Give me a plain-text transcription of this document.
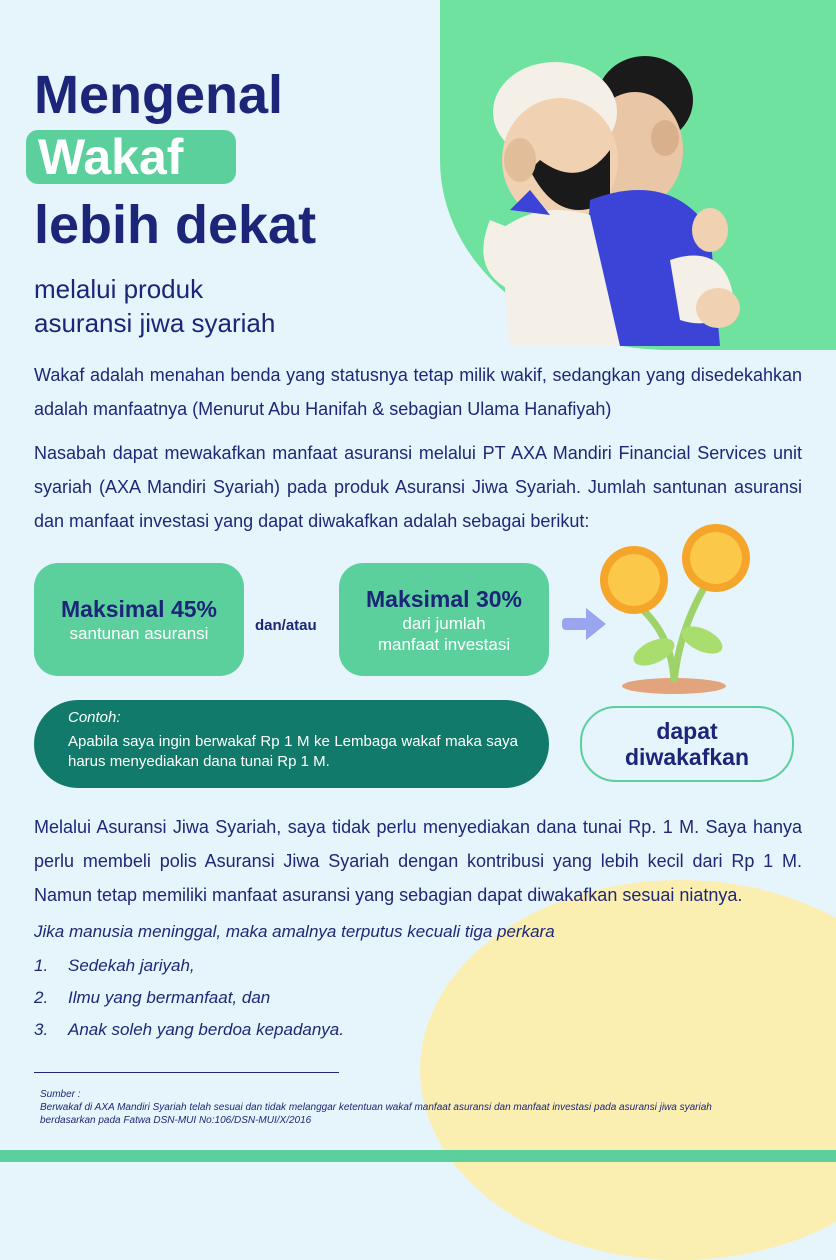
Mengenal
Wakaf
lebih dekat
melalui produk
asuransi jiwa syariah

Wakaf adalah menahan benda yang statusnya tetap milik wakif, sedangkan yang disedekahkan adalah manfaatnya (Menurut Abu Hanifah & sebagian Ulama Hanafiyah)

Nasabah dapat mewakafkan manfaat asuransi melalui PT AXA Mandiri Financial Services unit syariah (AXA Mandiri Syariah) pada produk Asuransi Jiwa Syariah. Jumlah santunan asuransi dan manfaat investasi yang dapat diwakafkan adalah sebagai berikut:

Maksimal 45%
santunan asuransi	dan/atau
Maksimal 30%
dari jumlah
manfaat investasi
Contoh:
Apabila saya ingin berwakaf Rp 1 M ke Lembaga wakaf maka saya harus menyediakan dana tunai Rp 1 M.
dapat
diwakafkan

Melalui Asuransi Jiwa Syariah, saya tidak perlu menyediakan dana tunai Rp. 1 M. Saya hanya perlu membeli polis Asuransi Jiwa Syariah dengan kontribusi yang lebih kecil dari Rp 1 M. Namun tetap memiliki manfaat asuransi yang sebagian dapat diwakafkan sesuai niatnya.

Jika manusia meninggal, maka amalnya terputus kecuali tiga perkara
1.	Sedekah jariyah,
2.	Ilmu yang bermanfaat, dan
3.	Anak soleh yang berdoa kepadanya.
Sumber :
Berwakaf di AXA Mandiri Syariah telah sesuai dan tidak melanggar ketentuan wakaf manfaat asuransi dan manfaat investasi pada asuransi jiwa syariah berdasarkan pada Fatwa DSN-MUI No:106/DSN-MUI/X/2016
